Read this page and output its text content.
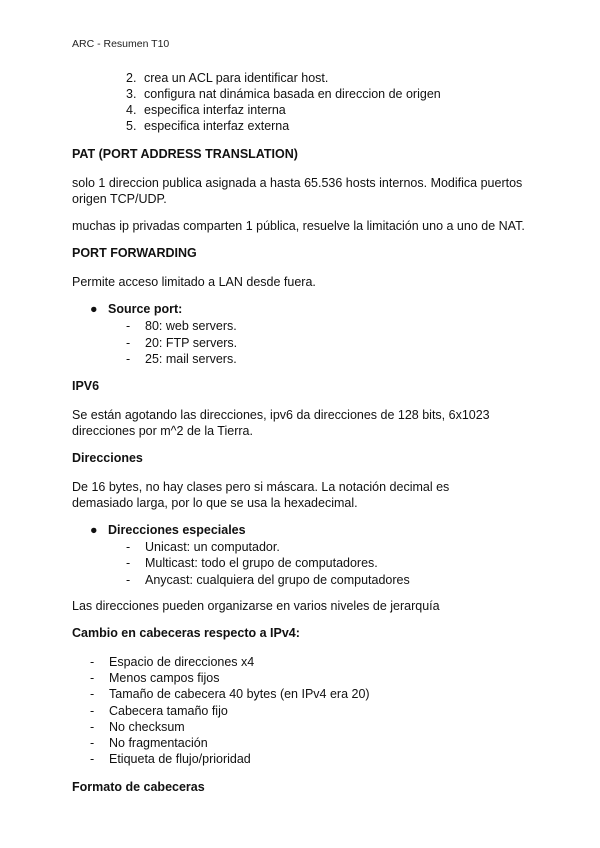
ARC - Resumen T10
2. crea un ACL para identificar host.
3. configura nat dinámica basada en direccion de origen
4. especifica interfaz interna
5. especifica interfaz externa
PAT (PORT ADDRESS TRANSLATION)
solo 1 direccion publica asignada a hasta 65.536 hosts internos. Modifica puertos
origen TCP/UDP.
muchas ip privadas comparten 1 pública, resuelve la limitación uno a uno de NAT.
PORT FORWARDING
Permite acceso limitado a LAN desde fuera.
● Source port:
- 80: web servers.
- 20: FTP servers.
- 25: mail servers.
IPV6
Se están agotando las direcciones, ipv6 da direcciones de 128 bits, 6x1023
direcciones por m^2 de la Tierra.
Direcciones
De 16 bytes, no hay clases pero si máscara. La notación decimal es
demasiado larga, por lo que se usa la hexadecimal.
● Direcciones especiales
- Unicast: un computador.
- Multicast: todo el grupo de computadores.
- Anycast: cualquiera del grupo de computadores
Las direcciones pueden organizarse en varios niveles de jerarquía
Cambio en cabeceras respecto a IPv4:
- Espacio de direcciones x4
- Menos campos fijos
- Tamaño de cabecera 40 bytes (en IPv4 era 20)
- Cabecera tamaño fijo
- No checksum
- No fragmentación
- Etiqueta de flujo/prioridad
Formato de cabeceras
